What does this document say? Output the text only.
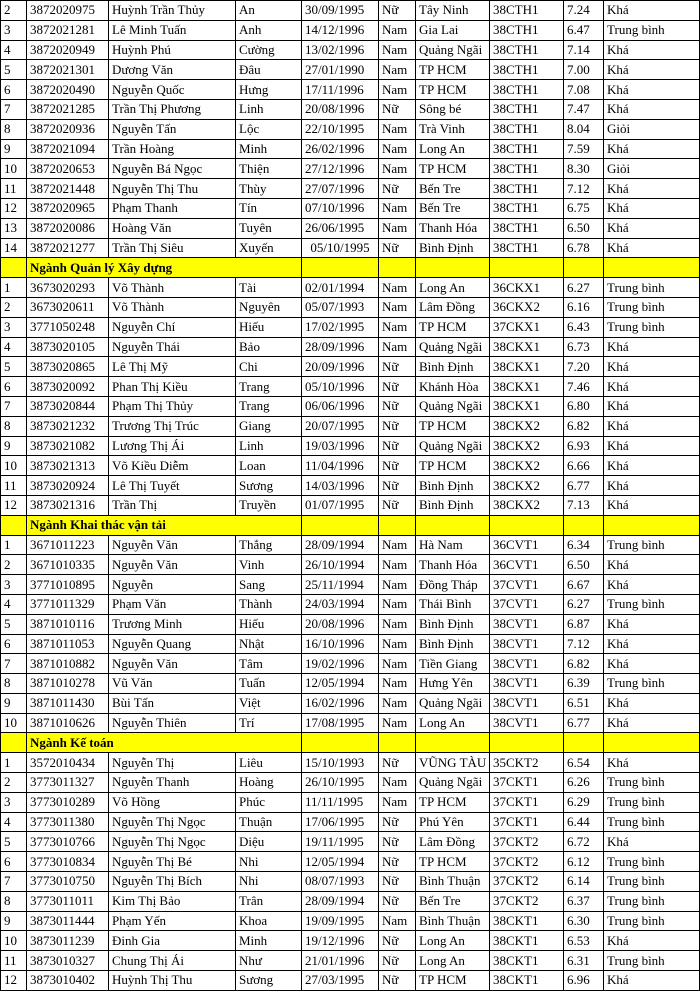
2	3872020975	Huỳnh Trần Thủy	An	30/09/1995	Nữ	Tây Ninh	38CTH1	7.24	Khá
3	3872021281	Lê Minh Tuấn	Anh	14/12/1996	Nam	Gia Lai	38CTH1	6.47	Trung bình
4	3872020949	Huỳnh Phú	Cường	13/02/1996	Nam	Quảng Ngãi	38CTH1	7.14	Khá
5	3872021301	Dương Văn	Đâu	27/01/1990	Nam	TP HCM	38CTH1	7.00	Khá
6	3872020490	Nguyễn Quốc	Hưng	17/11/1996	Nam	TP HCM	38CTH1	7.08	Khá
7	3872021285	Trần Thị Phương	Linh	20/08/1996	Nữ	Sông bé	38CTH1	7.47	Khá
8	3872020936	Nguyễn Tấn	Lộc	22/10/1995	Nam	Trà Vinh	38CTH1	8.04	Giỏi
9	3872021094	Trần Hoàng	Minh	26/02/1996	Nam	Long An	38CTH1	7.59	Khá
10	3872020653	Nguyễn Bá Ngọc	Thiện	27/12/1996	Nam	TP HCM	38CTH1	8.30	Giỏi
11	3872021448	Nguyễn Thị Thu	Thùy	27/07/1996	Nữ	Bến Tre	38CTH1	7.12	Khá
12	3872020965	Phạm Thanh	Tín	07/10/1996	Nam	Bến Tre	38CTH1	6.75	Khá
13	3872020086	Hoàng Văn	Tuyên	26/06/1995	Nam	Thanh Hóa	38CTH1	6.50	Khá
14	3872021277	Trần Thị Siêu	Xuyến	05/10/1995	Nữ	Bình Định	38CTH1	6.78	Khá
	Ngành Quản lý Xây dựng								
1	3673020293	Võ Thành	Tài	02/01/1994	Nam	Long An	36CKX1	6.27	Trung bình
2	3673020611	Võ Thành	Nguyên	05/07/1993	Nam	Lâm Đồng	36CKX2	6.16	Trung bình
3	3771050248	Nguyễn Chí	Hiếu	17/02/1995	Nam	TP HCM	37CKX1	6.43	Trung bình
4	3873020105	Nguyễn Thái	Bảo	28/09/1996	Nam	Quảng Ngãi	38CKX1	6.73	Khá
5	3873020865	Lê Thị Mỹ	Chi	20/09/1996	Nữ	Bình Định	38CKX1	7.20	Khá
6	3873020092	Phan Thị Kiều	Trang	05/10/1996	Nữ	Khánh Hòa	38CKX1	7.46	Khá
7	3873020844	Phạm Thị Thủy	Trang	06/06/1996	Nữ	Quảng Ngãi	38CKX1	6.80	Khá
8	3873021232	Trương Thị Trúc	Giang	20/07/1995	Nữ	TP HCM	38CKX2	6.82	Khá
9	3873021082	Lương Thị Ái	Linh	19/03/1996	Nữ	Quảng Ngãi	38CKX2	6.93	Khá
10	3873021313	Võ Kiều Diễm	Loan	11/04/1996	Nữ	TP HCM	38CKX2	6.66	Khá
11	3873020924	Lê Thị Tuyết	Sương	14/03/1996	Nữ	Bình Định	38CKX2	6.77	Khá
12	3873021316	Trần Thị	Truyền	01/07/1995	Nữ	Bình Định	38CKX2	7.13	Khá
	Ngành Khai thác vận tải								
1	3671011223	Nguyễn Văn	Thắng	28/09/1994	Nam	Hà Nam	36CVT1	6.34	Trung bình
2	3671010335	Nguyễn Văn	Vinh	26/10/1994	Nam	Thanh Hóa	36CVT1	6.50	Khá
3	3771010895	Nguyễn	Sang	25/11/1994	Nam	Đồng Tháp	37CVT1	6.67	Khá
4	3771011329	Phạm Văn	Thành	24/03/1994	Nam	Thái Bình	37CVT1	6.27	Trung bình
5	3871010116	Trương Minh	Hiếu	20/08/1996	Nam	Bình Định	38CVT1	6.87	Khá
6	3871011053	Nguyễn Quang	Nhật	16/10/1996	Nam	Bình Định	38CVT1	7.12	Khá
7	3871010882	Nguyễn Văn	Tâm	19/02/1996	Nam	Tiền Giang	38CVT1	6.82	Khá
8	3871010278	Vũ Văn	Tuấn	12/05/1994	Nam	Hưng Yên	38CVT1	6.39	Trung bình
9	3871011430	Bùi Tấn	Việt	16/02/1996	Nam	Quảng Ngãi	38CVT1	6.51	Khá
10	3871010626	Nguyễn Thiên	Trí	17/08/1995	Nam	Long An	38CVT1	6.77	Khá
	Ngành Kế toán								
1	3572010434	Nguyễn Thị	Liêu	15/10/1993	Nữ	VŨNG TÀU	35CKT2	6.54	Khá
2	3773011327	Nguyễn Thanh	Hoàng	26/10/1995	Nam	Quảng Ngãi	37CKT1	6.26	Trung bình
3	3773010289	Võ Hồng	Phúc	11/11/1995	Nam	TP HCM	37CKT1	6.29	Trung bình
4	3773011380	Nguyễn Thị Ngọc	Thuận	17/06/1995	Nữ	Phú Yên	37CKT1	6.44	Trung bình
5	3773010766	Nguyễn Thị Ngọc	Diệu	19/11/1995	Nữ	Lâm Đồng	37CKT2	6.72	Khá
6	3773010834	Nguyễn Thị Bé	Nhi	12/05/1994	Nữ	TP HCM	37CKT2	6.12	Trung bình
7	3773010750	Nguyễn Thị Bích	Nhi	08/07/1993	Nữ	Bình Thuận	37CKT2	6.14	Trung bình
8	3773011011	Kim Thị Bảo	Trân	28/09/1994	Nữ	Bến Tre	37CKT2	6.37	Trung bình
9	3873011444	Phạm Yến	Khoa	19/09/1995	Nam	Bình Thuận	38CKT1	6.30	Trung bình
10	3873011239	Đinh Gia	Minh	19/12/1996	Nữ	Long An	38CKT1	6.53	Khá
11	3873010327	Chung Thị Ái	Như	21/01/1996	Nữ	Long An	38CKT1	6.31	Trung bình
12	3873010402	Huỳnh Thị Thu	Sương	27/03/1995	Nữ	TP HCM	38CKT1	6.96	Khá
